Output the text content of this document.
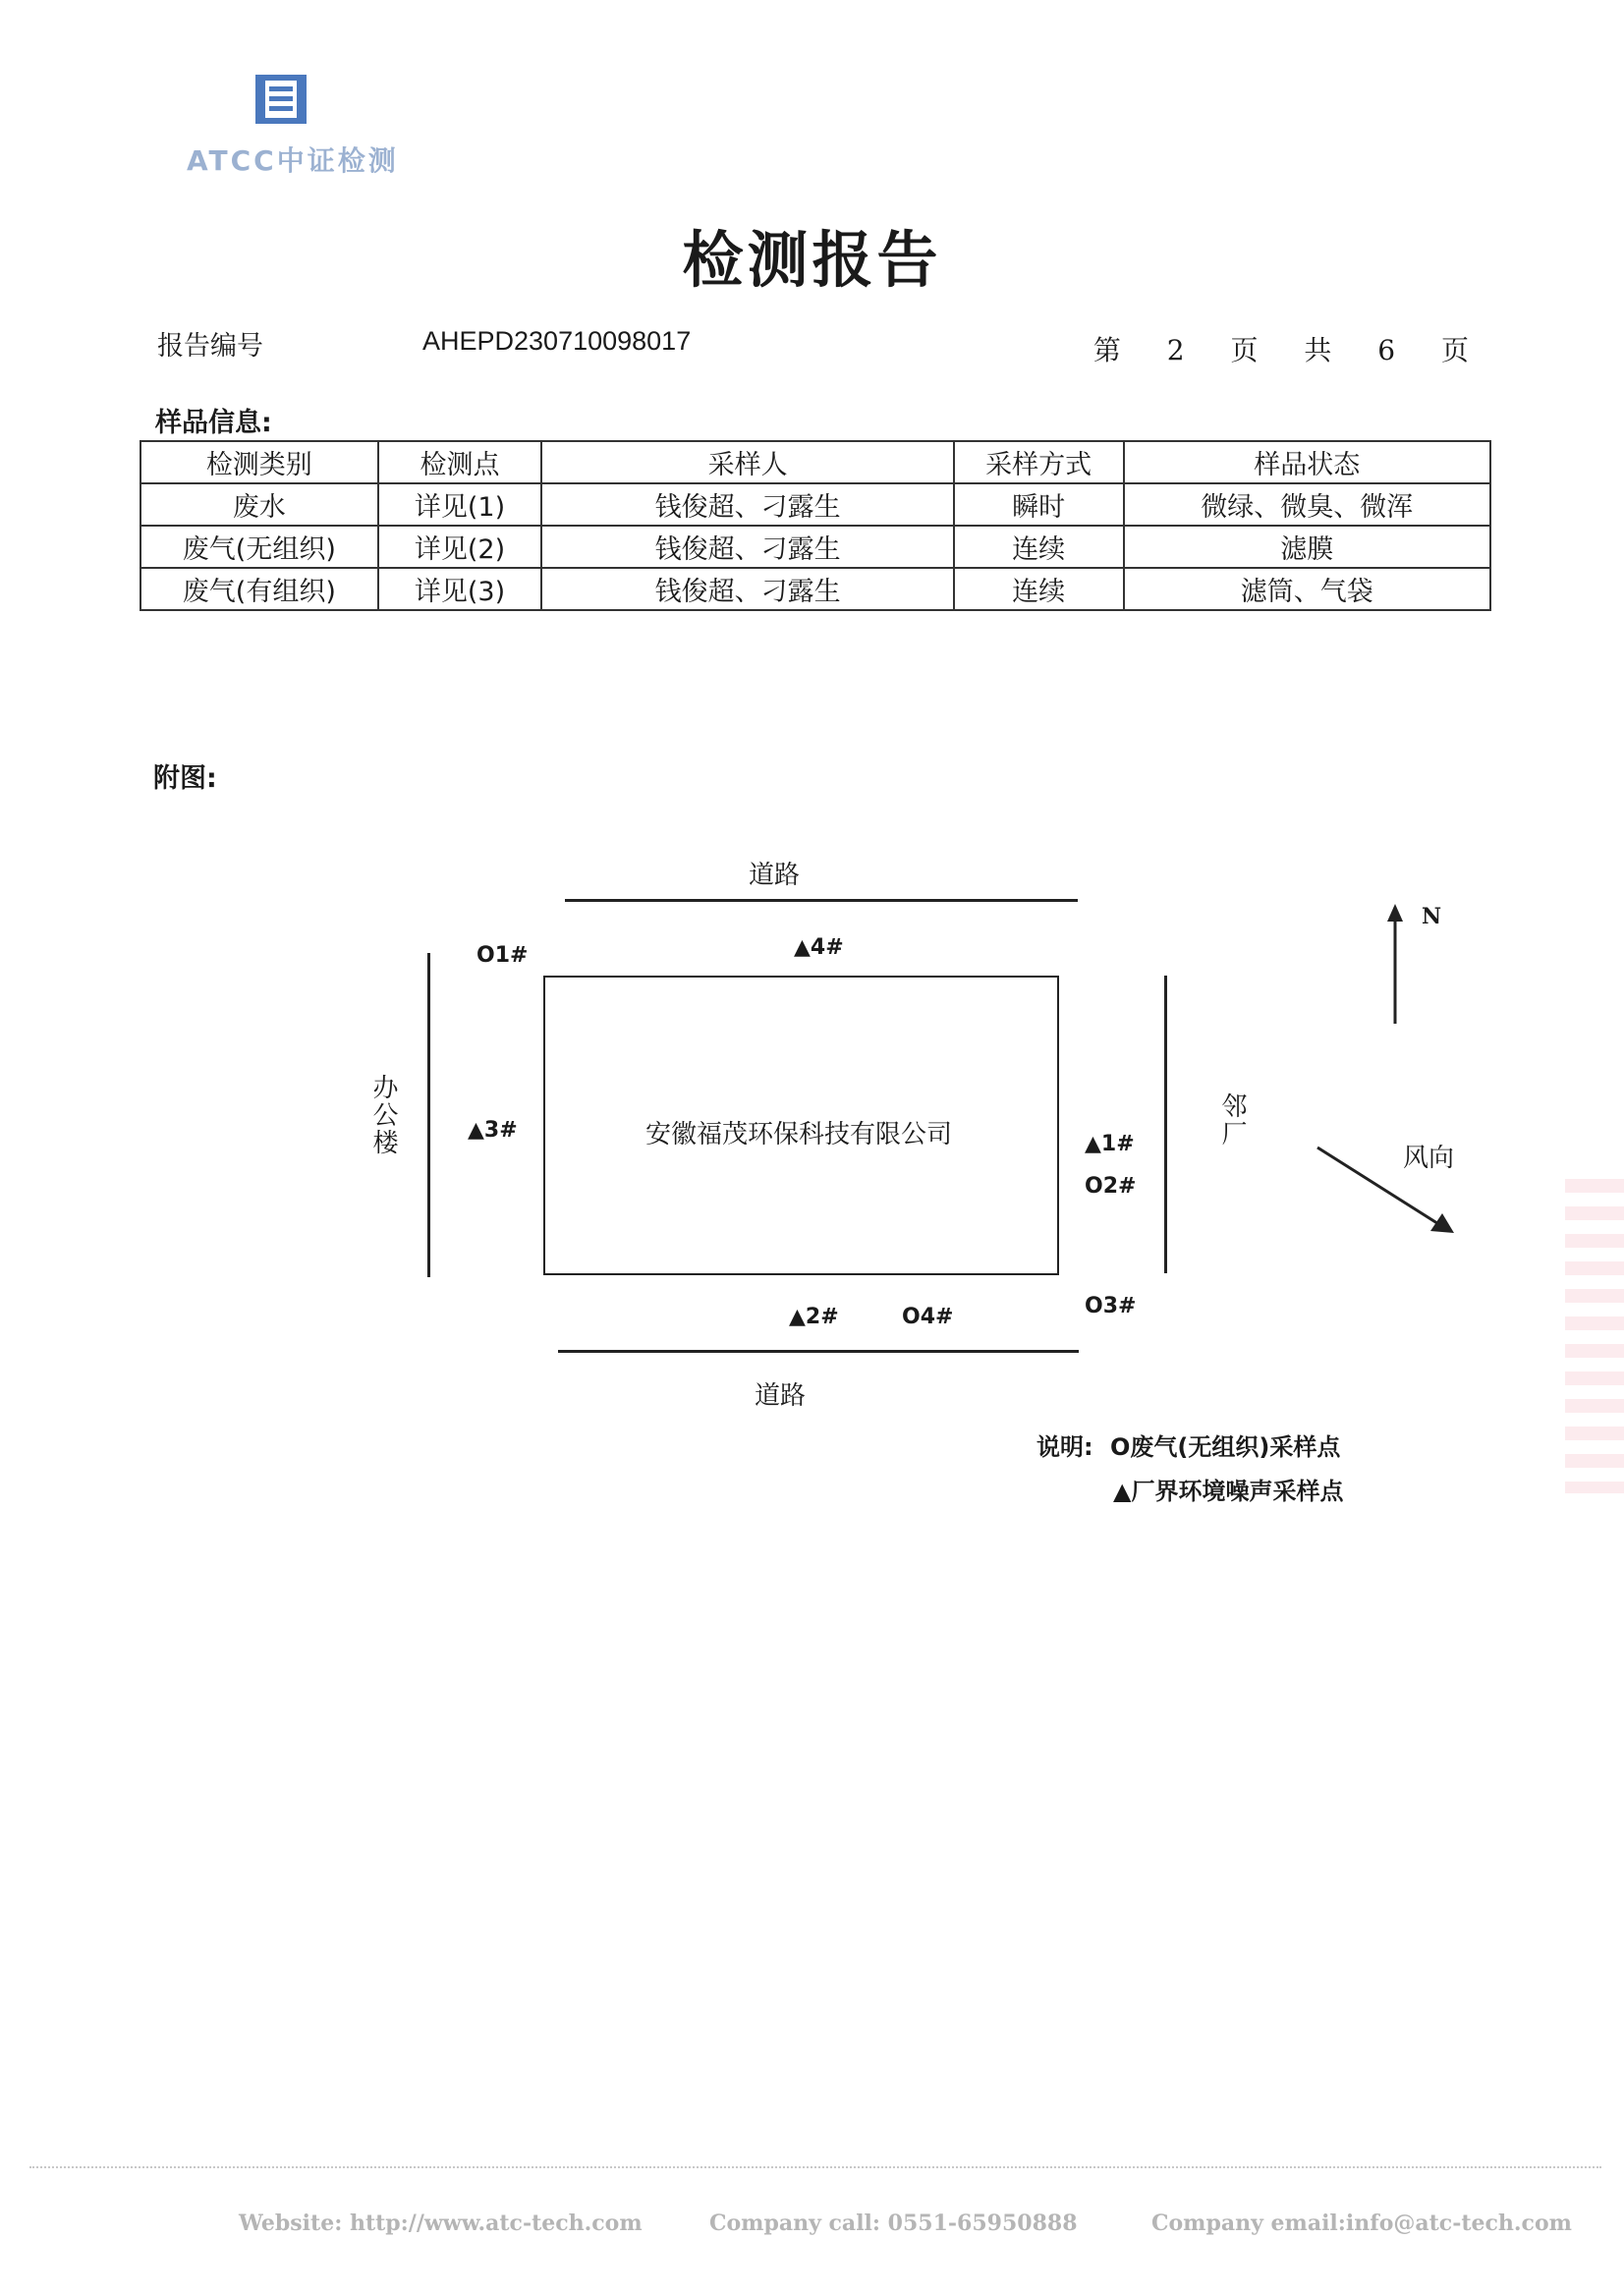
ATCC中证检测
检测报告
报告编号	AHEPD230710098017	第 2 页 共 6 页
样品信息:
检测类别	检测点	采样人	采样方式	样品状态
废水	详见(1)	钱俊超、刁露生	瞬时	微绿、微臭、微浑
废气(无组织)	详见(2)	钱俊超、刁露生	连续	滤膜
废气(有组织)	详见(3)	钱俊超、刁露生	连续	滤筒、气袋
附图:
道路
办公楼	安徽福茂环保科技有限公司	邻厂
道路
O1#	▲4#
▲3#
▲1#
O2#
O3#
▲2#	O4#
N
风向
说明: O废气(无组织)采样点
▲厂界环境噪声采样点
Website: http://www.atc-tech.com	Company call: 0551-65950888	Company email:info@atc-tech.com
